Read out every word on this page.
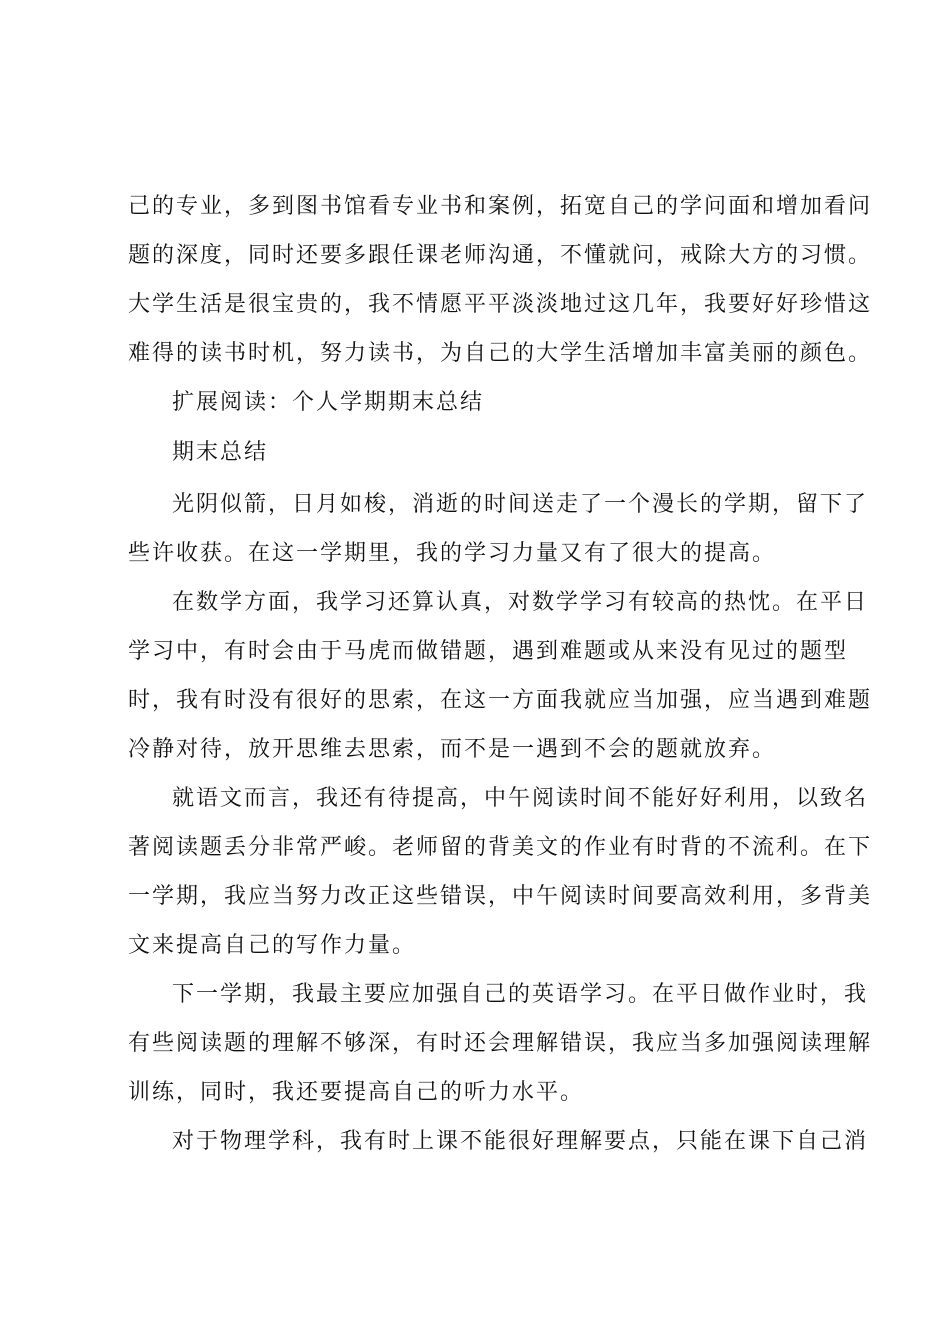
己的专业，多到图书馆看专业书和案例，拓宽自己的学问面和增加看问
题的深度，同时还要多跟任课老师沟通，不懂就问，戒除大方的习惯。
大学生活是很宝贵的，我不情愿平平淡淡地过这几年，我要好好珍惜这
难得的读书时机，努力读书，为自己的大学生活增加丰富美丽的颜色。
扩展阅读：个人学期期末总结
期末总结
光阴似箭，日月如梭，消逝的时间送走了一个漫长的学期，留下了
些许收获。在这一学期里，我的学习力量又有了很大的提高。
在数学方面，我学习还算认真，对数学学习有较高的热忱。在平日
学习中，有时会由于马虎而做错题，遇到难题或从来没有见过的题型
时，我有时没有很好的思索，在这一方面我就应当加强，应当遇到难题
冷静对待，放开思维去思索，而不是一遇到不会的题就放弃。
就语文而言，我还有待提高，中午阅读时间不能好好利用，以致名
著阅读题丢分非常严峻。老师留的背美文的作业有时背的不流利。在下
一学期，我应当努力改正这些错误，中午阅读时间要高效利用，多背美
文来提高自己的写作力量。
下一学期，我最主要应加强自己的英语学习。在平日做作业时，我
有些阅读题的理解不够深，有时还会理解错误，我应当多加强阅读理解
训练，同时，我还要提高自己的听力水平。
对于物理学科，我有时上课不能很好理解要点，只能在课下自己消
